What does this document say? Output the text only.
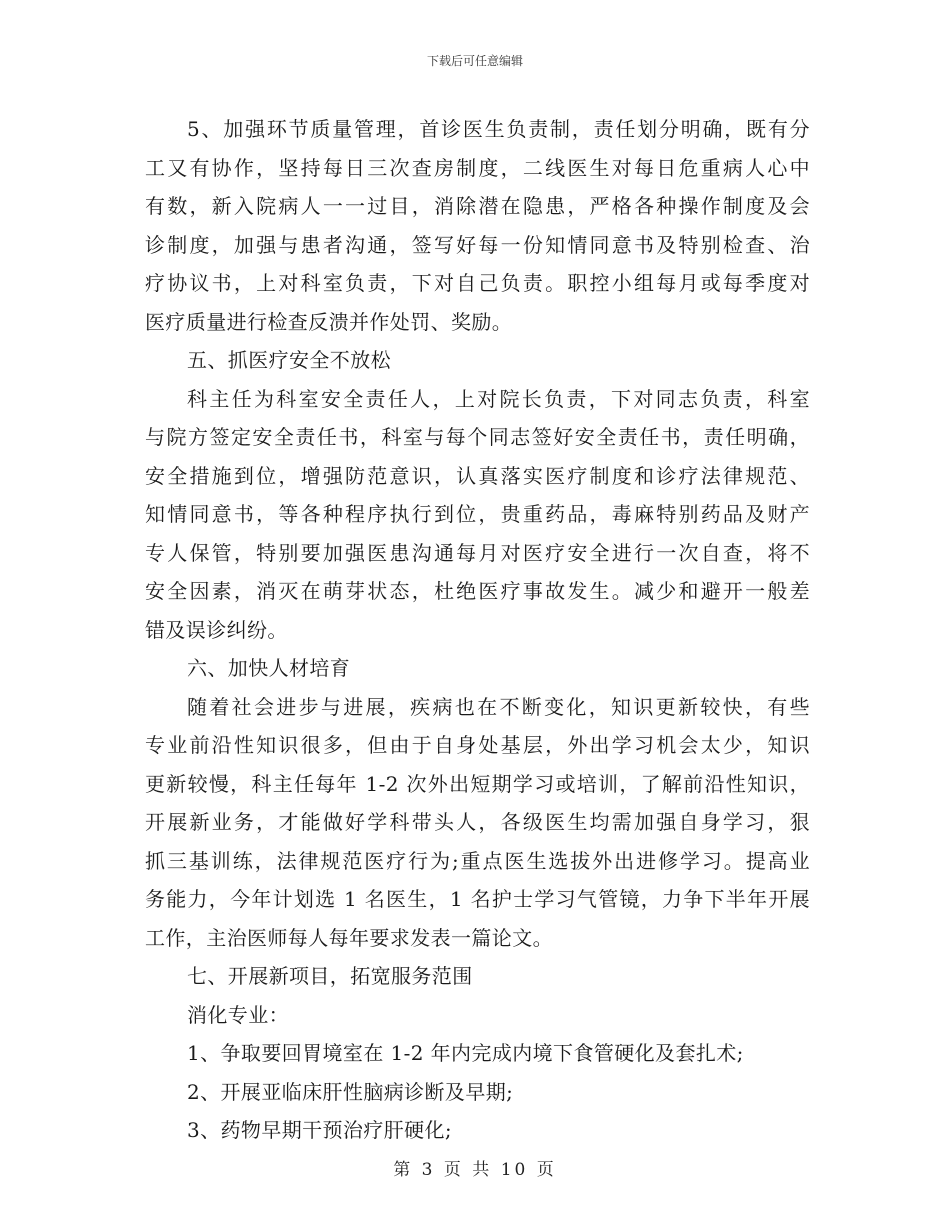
下载后可任意编辑
5、加强环节质量管理，首诊医生负责制，责任划分明确，既有分
工又有协作，坚持每日三次查房制度，二线医生对每日危重病人心中
有数，新入院病人一一过目，消除潜在隐患，严格各种操作制度及会
诊制度，加强与患者沟通，签写好每一份知情同意书及特别检查、治
疗协议书，上对科室负责，下对自己负责。职控小组每月或每季度对
医疗质量进行检查反溃并作处罚、奖励。
五、抓医疗安全不放松
科主任为科室安全责任人，上对院长负责，下对同志负责，科室
与院方签定安全责任书，科室与每个同志签好安全责任书，责任明确，
安全措施到位，增强防范意识，认真落实医疗制度和诊疗法律规范、
知情同意书，等各种程序执行到位，贵重药品，毒麻特别药品及财产
专人保管，特别要加强医患沟通每月对医疗安全进行一次自查，将不
安全因素，消灭在萌芽状态，杜绝医疗事故发生。减少和避开一般差
错及误诊纠纷。
六、加快人材培育
随着社会进步与进展，疾病也在不断变化，知识更新较快，有些
专业前沿性知识很多，但由于自身处基层，外出学习机会太少，知识
更新较慢，科主任每年 1-2 次外出短期学习或培训，了解前沿性知识，
开展新业务，才能做好学科带头人，各级医生均需加强自身学习，狠
抓三基训练，法律规范医疗行为;重点医生选拔外出进修学习。提高业
务能力，今年计划选 1 名医生，1 名护士学习气管镜，力争下半年开展
工作，主治医师每人每年要求发表一篇论文。
七、开展新项目，拓宽服务范围
消化专业：
1、争取要回胃境室在 1-2 年内完成内境下食管硬化及套扎术;
2、开展亚临床肝性脑病诊断及早期;
3、药物早期干预治疗肝硬化;
第 3 页 共 10 页
